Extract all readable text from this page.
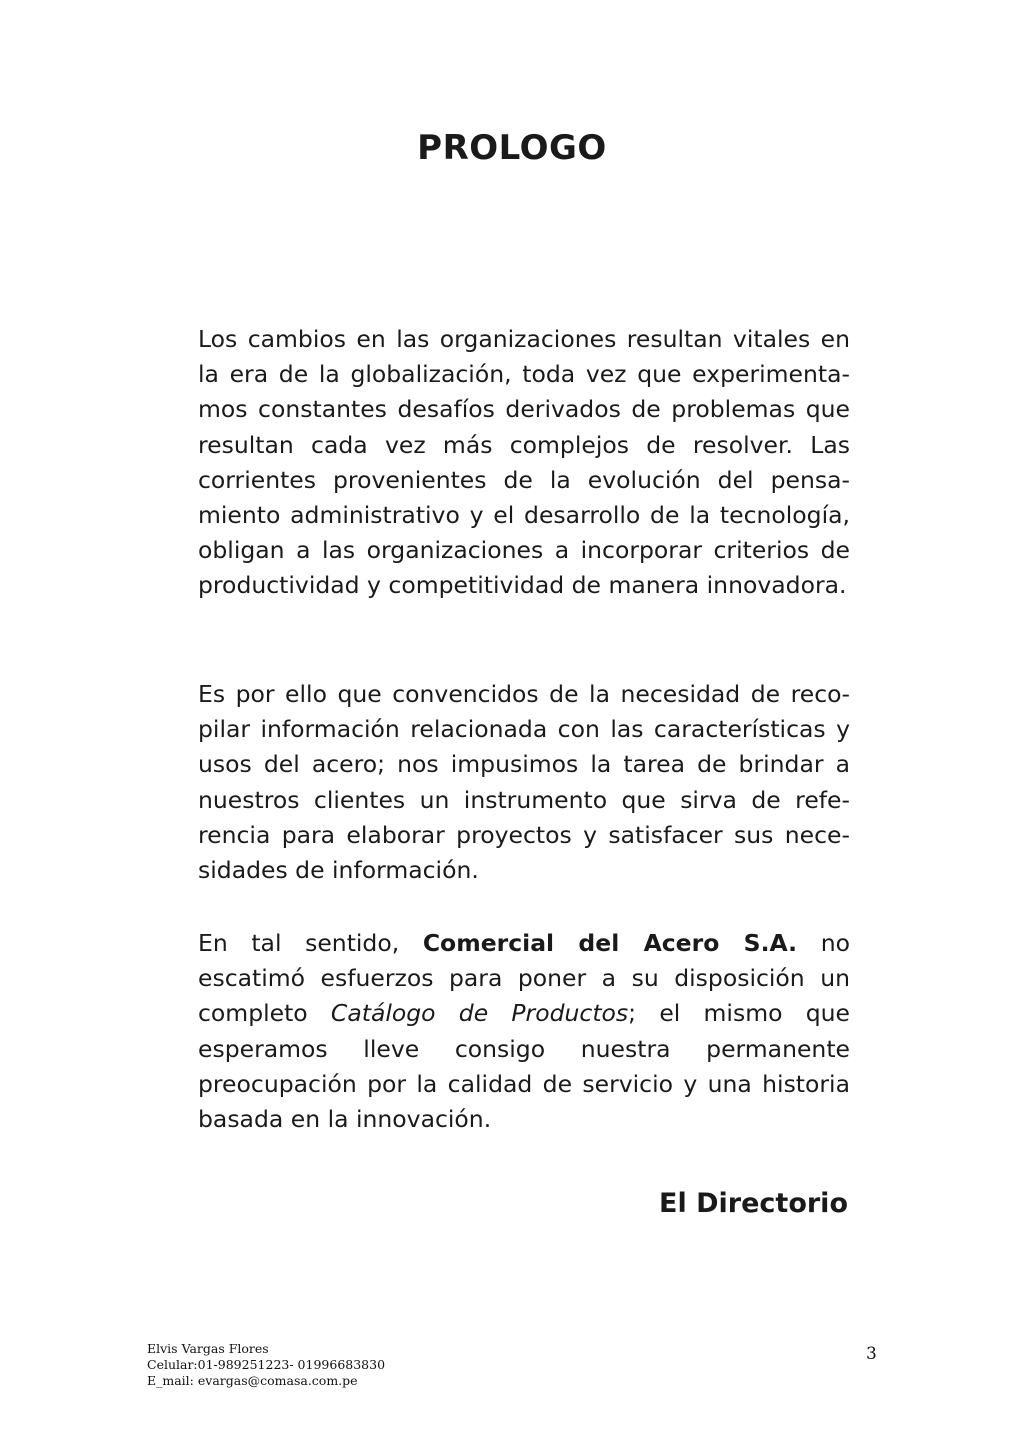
PROLOGO

Los cambios en las organizaciones resultan vitales en la era de la globalización, toda vez que experimentamos constantes desafíos derivados de problemas que resultan cada vez más complejos de resolver. Las corrientes provenientes de la evolución del pensamiento administrativo y el desarrollo de la tecnología, obligan a las organizaciones a incorporar criterios de productividad y competitividad de manera innovadora.

Es por ello que convencidos de la necesidad de recopilar información relacionada con las características y usos del acero; nos impusimos la tarea de brindar a nuestros clientes un instrumento que sirva de referencia para elaborar proyectos y satisfacer sus necesidades de información.

En tal sentido, Comercial del Acero S.A. no escatimó esfuerzos para poner a su disposición un completo Catálogo de Productos; el mismo que esperamos lleve consigo nuestra permanente preocupación por la calidad de servicio y una historia basada en la innovación.

El Directorio

Elvis Vargas Flores
Celular:01-989251223- 01996683830
E_mail: evargas@comasa.com.pe
3
